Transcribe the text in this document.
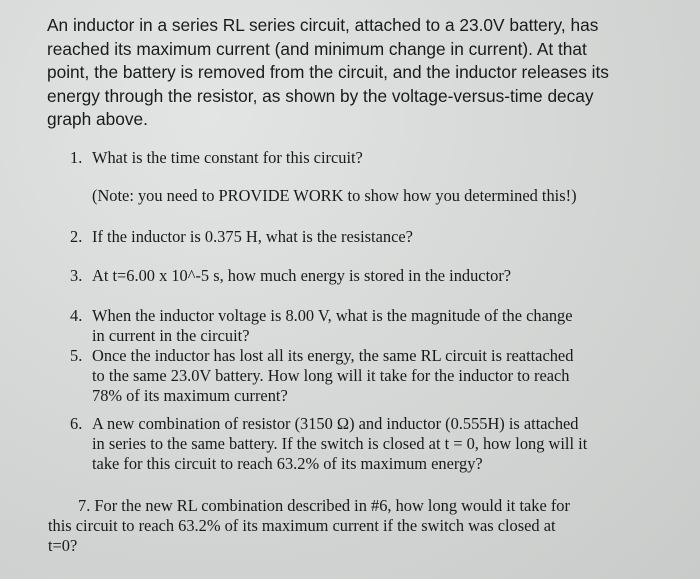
An inductor in a series RL series circuit, attached to a 23.0V battery, has
reached its maximum current (and minimum change in current). At that
point, the battery is removed from the circuit, and the inductor releases its
energy through the resistor, as shown by the voltage-versus-time decay
graph above.
1. What is the time constant for this circuit?
(Note: you need to PROVIDE WORK to show how you determined this!)
2. If the inductor is 0.375 H, what is the resistance?
3. At t=6.00 x 10^-5 s, how much energy is stored in the inductor?
4. When the inductor voltage is 8.00 V, what is the magnitude of the change
in current in the circuit?
5. Once the inductor has lost all its energy, the same RL circuit is reattached
to the same 23.0V battery. How long will it take for the inductor to reach
78% of its maximum current?
6. A new combination of resistor (3150 Ω) and inductor (0.555H) is attached
in series to the same battery. If the switch is closed at t = 0, how long will it
take for this circuit to reach 63.2% of its maximum energy?
7. For the new RL combination described in #6, how long would it take for
this circuit to reach 63.2% of its maximum current if the switch was closed at
t=0?
